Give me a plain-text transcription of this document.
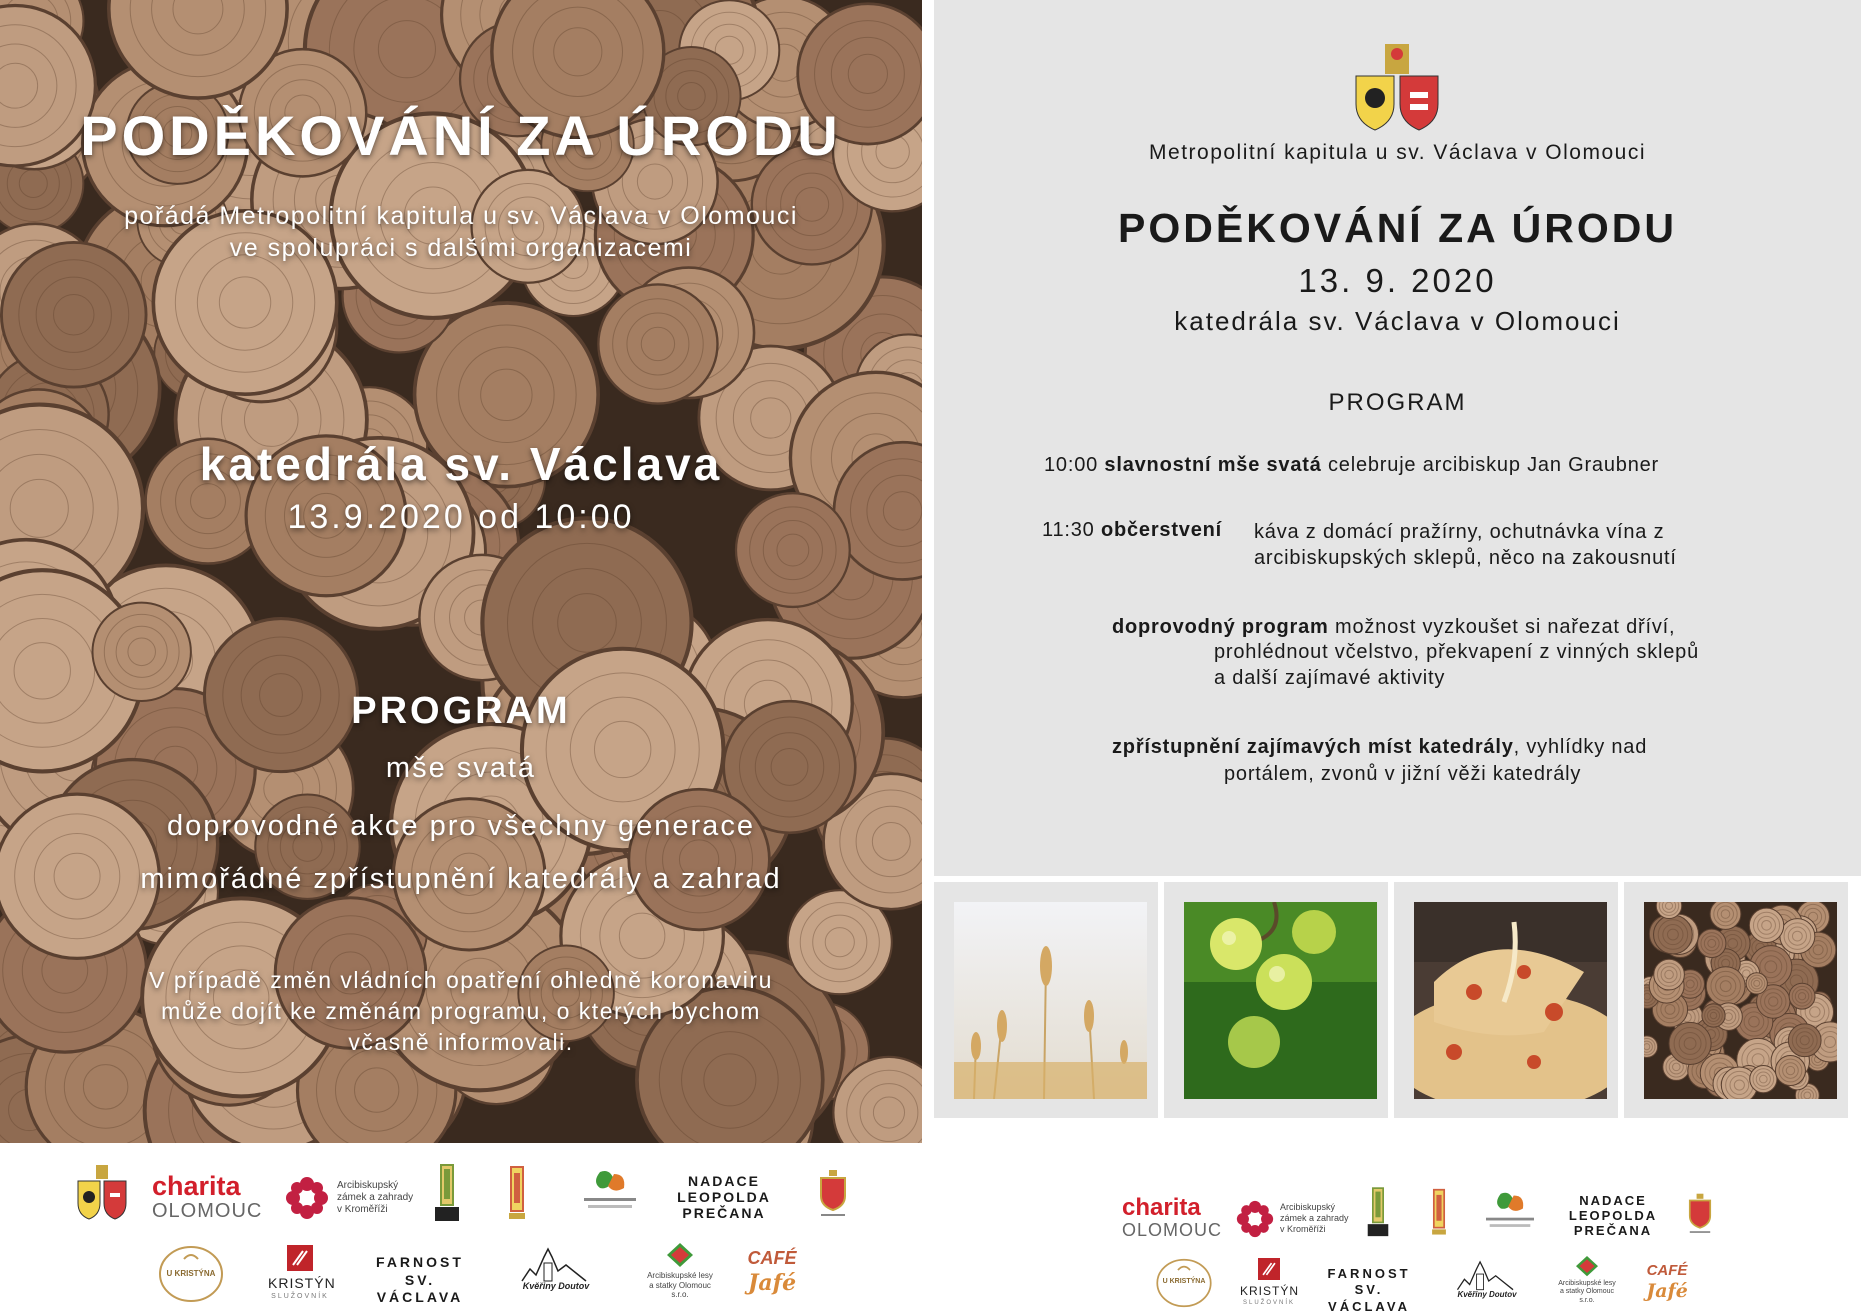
PODĚKOVÁNÍ ZA ÚRODU
pořádá Metropolitní kapitula u sv. Václava v Olomouci
ve spolupráci s dalšími organizacemi
katedrála sv. Václava
13.9.2020 od 10:00
PROGRAM
mše svatá
doprovodné akce pro všechny generace
mimořádné zpřístupnění katedrály a zahrad
V případě změn vládních opatření ohledně koronaviru
může dojít ke změnám programu, o kterých bychom
včasně informovali.
charita
OLOMOUC
Arcibiskupský
zámek a zahrady
v Kroměříži
NADACE
LEOPOLDA
PREČANA
U KRISTÝNA
KRISTÝN
SLUŽOVNÍK
FARNOST
SV. VÁCLAVA
Kvěřiny Doutov
Arcibiskupské lesy
a statky Olomouc
s.r.o.
CAFÉ
Jafé
Metropolitní kapitula u sv. Václava v Olomouci
PODĚKOVÁNÍ ZA ÚRODU
13. 9. 2020
katedrála sv. Václava v Olomouci
PROGRAM
10:00 slavnostní mše svatá celebruje arcibiskup Jan Graubner
11:30 občerstvení káva z domácí pražírny, ochutnávka vína z
arcibiskupských sklepů, něco na zakousnutí
doprovodný program možnost vyzkoušet si nařezat dříví,
prohlédnout včelstvo, překvapení z vinných sklepů
a další zajímavé aktivity
zpřístupnění zajímavých míst katedrály, vyhlídky nad
portálem, zvonů v jižní věži katedrály
charita
OLOMOUC
Arcibiskupský
zámek a zahrady
v Kroměříži
NADACE
LEOPOLDA
PREČANA
U KRISTÝNA
KRISTÝN
SLUŽOVNÍK
FARNOST
SV. VÁCLAVA
Kvěřiny Doutov
Arcibiskupské lesy
a statky Olomouc
s.r.o.
CAFÉ
Jafé
